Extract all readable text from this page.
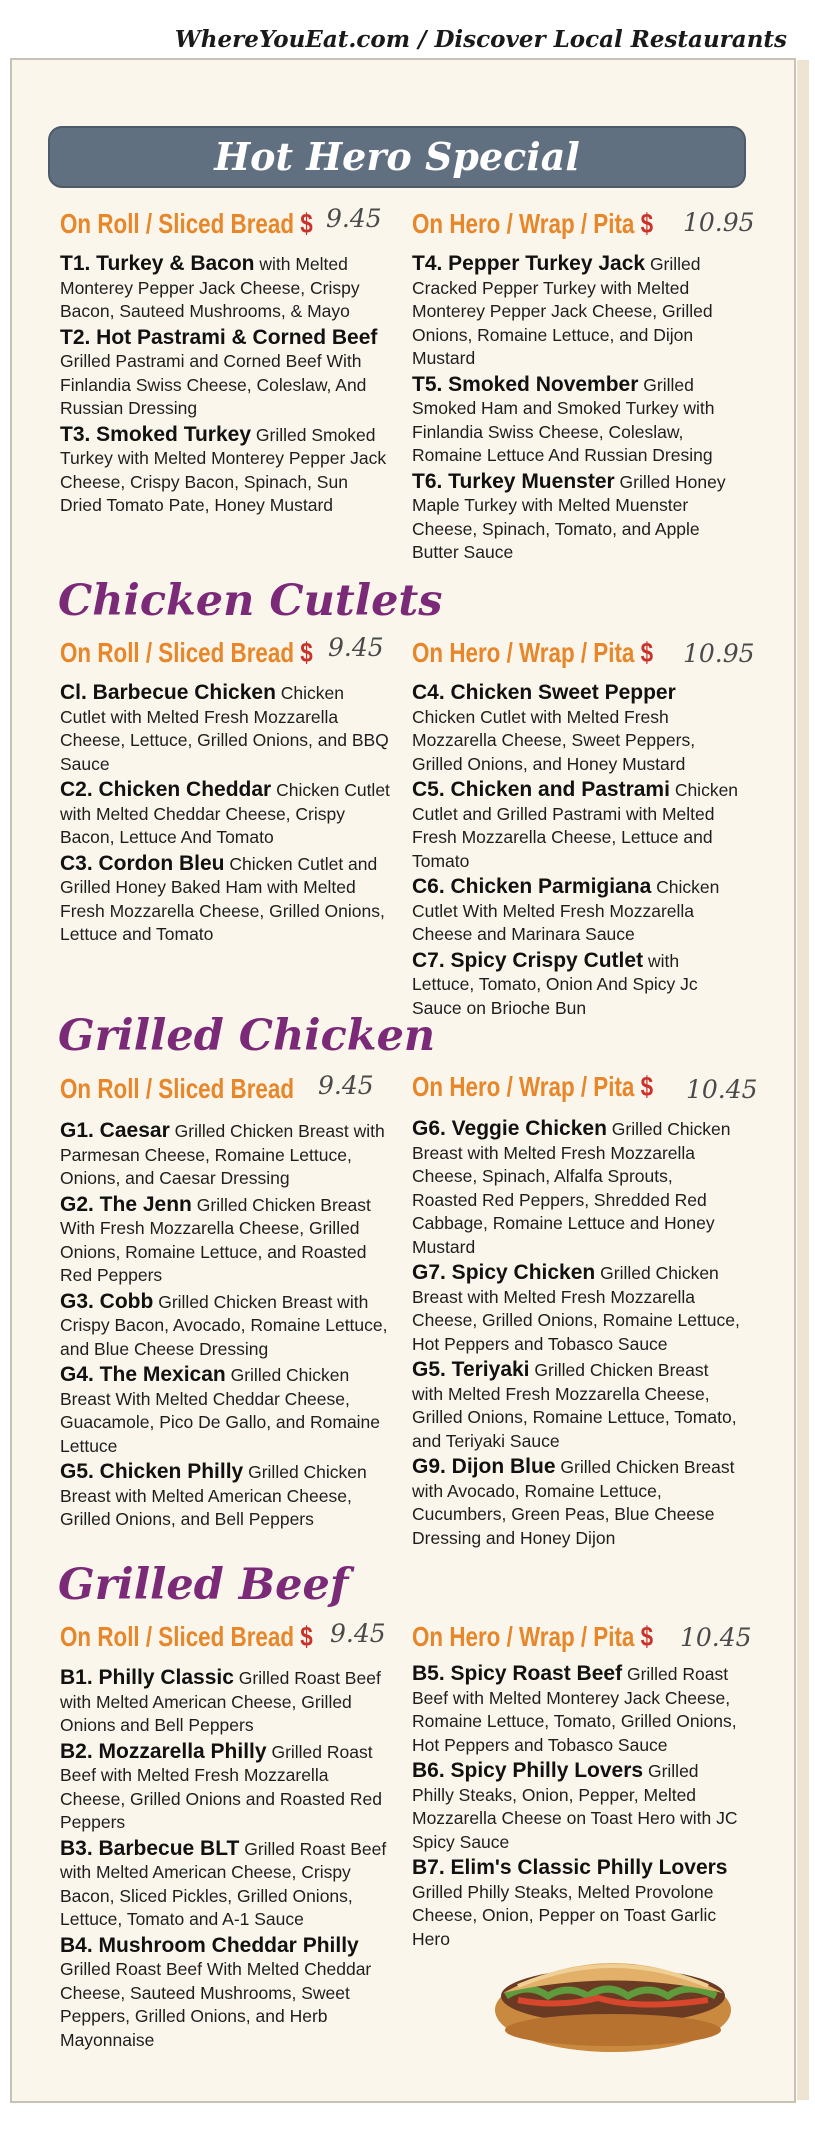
WhereYouEat.com / Discover Local Restaurants
Hot Hero Special
On Roll / Sliced Bread $ 9.45 On Hero / Wrap / Pita $ 10.95
T1. Turkey & Bacon with Melted Monterey Pepper Jack Cheese, Crispy Bacon, Sauteed Mushrooms, & Mayo
T2. Hot Pastrami & Corned Beef Grilled Pastrami and Corned Beef With Finlandia Swiss Cheese, Coleslaw, And Russian Dressing
T3. Smoked Turkey Grilled Smoked Turkey with Melted Monterey Pepper Jack Cheese, Crispy Bacon, Spinach, Sun Dried Tomato Pate, Honey Mustard
T4. Pepper Turkey Jack Grilled Cracked Pepper Turkey with Melted Monterey Pepper Jack Cheese, Grilled Onions, Romaine Lettuce, and Dijon Mustard
T5. Smoked November Grilled Smoked Ham and Smoked Turkey with Finlandia Swiss Cheese, Coleslaw, Romaine Lettuce And Russian Dresing
T6. Turkey Muenster Grilled Honey Maple Turkey with Melted Muenster Cheese, Spinach, Tomato, and Apple Butter Sauce
Chicken Cutlets
On Roll / Sliced Bread $ 9.45 On Hero / Wrap / Pita $ 10.95
Cl. Barbecue Chicken Chicken Cutlet with Melted Fresh Mozzarella Cheese, Lettuce, Grilled Onions, and BBQ Sauce
C2. Chicken Cheddar Chicken Cutlet with Melted Cheddar Cheese, Crispy Bacon, Lettuce And Tomato
C3. Cordon Bleu Chicken Cutlet and Grilled Honey Baked Ham with Melted Fresh Mozzarella Cheese, Grilled Onions, Lettuce and Tomato
C4. Chicken Sweet Pepper Chicken Cutlet with Melted Fresh Mozzarella Cheese, Sweet Peppers, Grilled Onions, and Honey Mustard
C5. Chicken and Pastrami Chicken Cutlet and Grilled Pastrami with Melted Fresh Mozzarella Cheese, Lettuce and Tomato
C6. Chicken Parmigiana Chicken Cutlet With Melted Fresh Mozzarella Cheese and Marinara Sauce
C7. Spicy Crispy Cutlet with Lettuce, Tomato, Onion And Spicy Jc Sauce on Brioche Bun
Grilled Chicken
On Roll / Sliced Bread 9.45 On Hero / Wrap / Pita $ 10.45
G1. Caesar Grilled Chicken Breast with Parmesan Cheese, Romaine Lettuce, Onions, and Caesar Dressing
G2. The Jenn Grilled Chicken Breast With Fresh Mozzarella Cheese, Grilled Onions, Romaine Lettuce, and Roasted Red Peppers
G3. Cobb Grilled Chicken Breast with Crispy Bacon, Avocado, Romaine Lettuce, and Blue Cheese Dressing
G4. The Mexican Grilled Chicken Breast With Melted Cheddar Cheese, Guacamole, Pico De Gallo, and Romaine Lettuce
G5. Chicken Philly Grilled Chicken Breast with Melted American Cheese, Grilled Onions, and Bell Peppers
G6. Veggie Chicken Grilled Chicken Breast with Melted Fresh Mozzarella Cheese, Spinach, Alfalfa Sprouts, Roasted Red Peppers, Shredded Red Cabbage, Romaine Lettuce and Honey Mustard
G7. Spicy Chicken Grilled Chicken Breast with Melted Fresh Mozzarella Cheese, Grilled Onions, Romaine Lettuce, Hot Peppers and Tobasco Sauce
G5. Teriyaki Grilled Chicken Breast with Melted Fresh Mozzarella Cheese, Grilled Onions, Romaine Lettuce, Tomato, and Teriyaki Sauce
G9. Dijon Blue Grilled Chicken Breast with Avocado, Romaine Lettuce, Cucumbers, Green Peas, Blue Cheese Dressing and Honey Dijon
Grilled Beef
On Roll / Sliced Bread $ 9.45 On Hero / Wrap / Pita $ 10.45
B1. Philly Classic Grilled Roast Beef with Melted American Cheese, Grilled Onions and Bell Peppers
B2. Mozzarella Philly Grilled Roast Beef with Melted Fresh Mozzarella Cheese, Grilled Onions and Roasted Red Peppers
B3. Barbecue BLT Grilled Roast Beef with Melted American Cheese, Crispy Bacon, Sliced Pickles, Grilled Onions, Lettuce, Tomato and A-1 Sauce
B4. Mushroom Cheddar Philly Grilled Roast Beef With Melted Cheddar Cheese, Sauteed Mushrooms, Sweet Peppers, Grilled Onions, and Herb Mayonnaise
B5. Spicy Roast Beef Grilled Roast Beef with Melted Monterey Jack Cheese, Romaine Lettuce, Tomato, Grilled Onions, Hot Peppers and Tobasco Sauce
B6. Spicy Philly Lovers Grilled Philly Steaks, Onion, Pepper, Melted Mozzarella Cheese on Toast Hero with JC Spicy Sauce
B7. Elim's Classic Philly Lovers Grilled Philly Steaks, Melted Provolone Cheese, Onion, Pepper on Toast Garlic Hero
